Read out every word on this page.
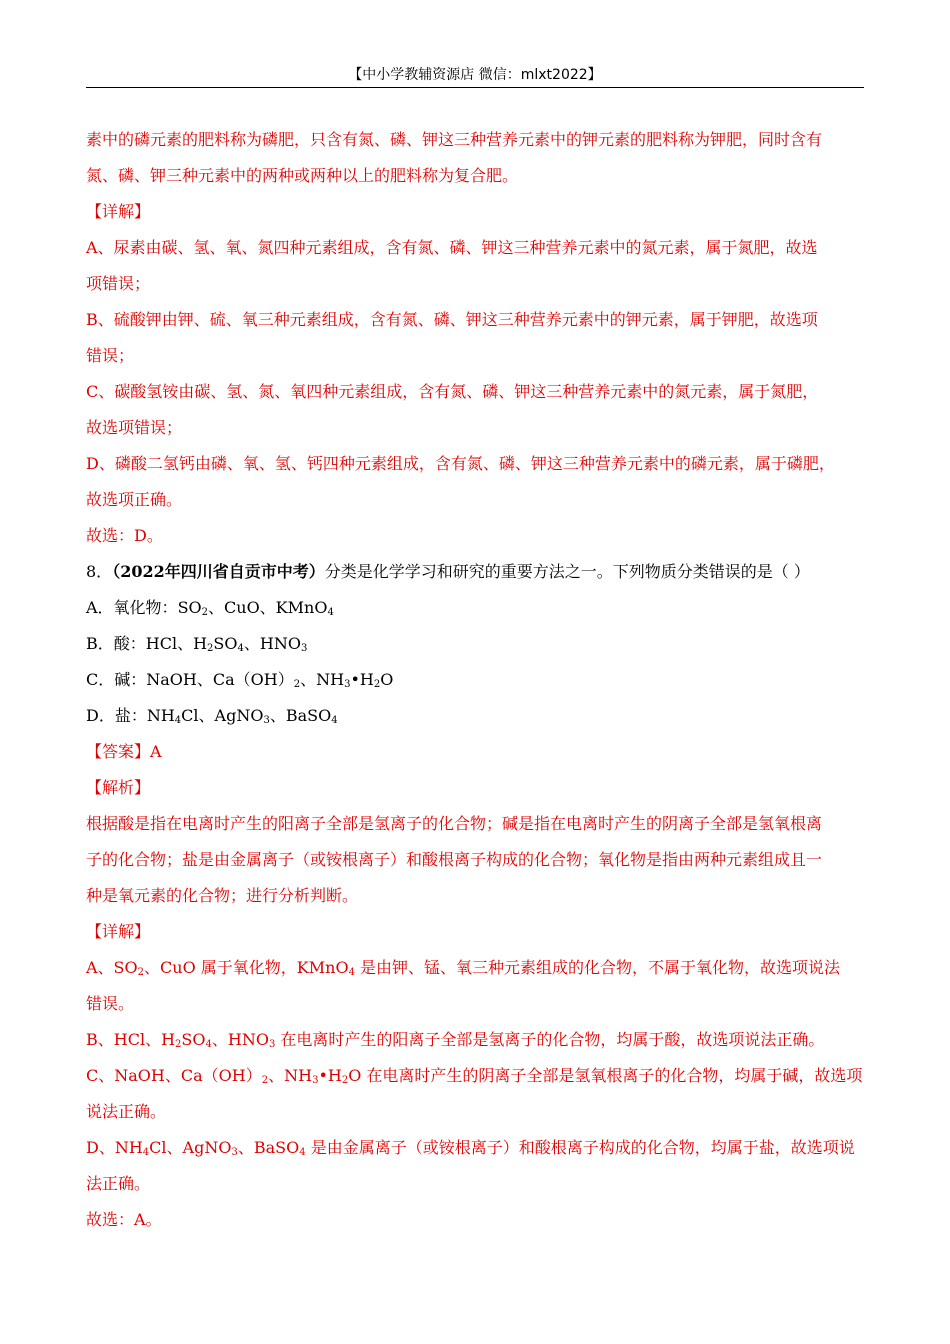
【中小学教辅资源店 微信：mlxt2022】
素中的磷元素的肥料称为磷肥，只含有氮、磷、钾这三种营养元素中的钾元素的肥料称为钾肥，同时含有
氮、磷、钾三种元素中的两种或两种以上的肥料称为复合肥。
【详解】
A、尿素由碳、氢、氧、氮四种元素组成，含有氮、磷、钾这三种营养元素中的氮元素，属于氮肥，故选
项错误；
B、硫酸钾由钾、硫、氧三种元素组成，含有氮、磷、钾这三种营养元素中的钾元素，属于钾肥，故选项
错误；
C、碳酸氢铵由碳、氢、氮、氧四种元素组成，含有氮、磷、钾这三种营养元素中的氮元素，属于氮肥，
故选项错误；
D、磷酸二氢钙由磷、氧、氢、钙四种元素组成，含有氮、磷、钾这三种营养元素中的磷元素，属于磷肥，
故选项正确。
故选：D。
8．（2022年四川省自贡市中考）分类是化学学习和研究的重要方法之一。下列物质分类错误的是（ ）
A．氧化物：$SO_2$、CuO、KMnO$_4$
B．酸：HCl、$H_2SO_4$、$HNO_3$
C．碱：NaOH、$Ca(OH)_2$、$NH_3•H_2O$
D．盐：$NH_4Cl$、AgNO$_3$、BaSO$_4$
【答案】A
【解析】
根据酸是指在电离时产生的阳离子全部是氢离子的化合物；碱是指在电离时产生的阴离子全部是氢氧根离
子的化合物；盐是由金属离子（或铵根离子）和酸根离子构成的化合物；氧化物是指由两种元素组成且一
种是氧元素的化合物；进行分析判断。
【详解】
A、$SO_2$、CuO 属于氧化物，KMnO$_4$ 是由钾、锰、氧三种元素组成的化合物，不属于氧化物，故选项说法
错误。
B、HCl、$H_2SO_4$、$HNO_3$ 在电离时产生的阳离子全部是氢离子的化合物，均属于酸，故选项说法正确。
C、NaOH、$Ca(OH)_2$、$NH_3•H_2O$ 在电离时产生的阴离子全部是氢氧根离子的化合物，均属于碱，故选项
说法正确。
D、$NH_4Cl$、AgNO$_3$、BaSO$_4$ 是由金属离子（或铵根离子）和酸根离子构成的化合物，均属于盐，故选项说
法正确。
故选：A。
